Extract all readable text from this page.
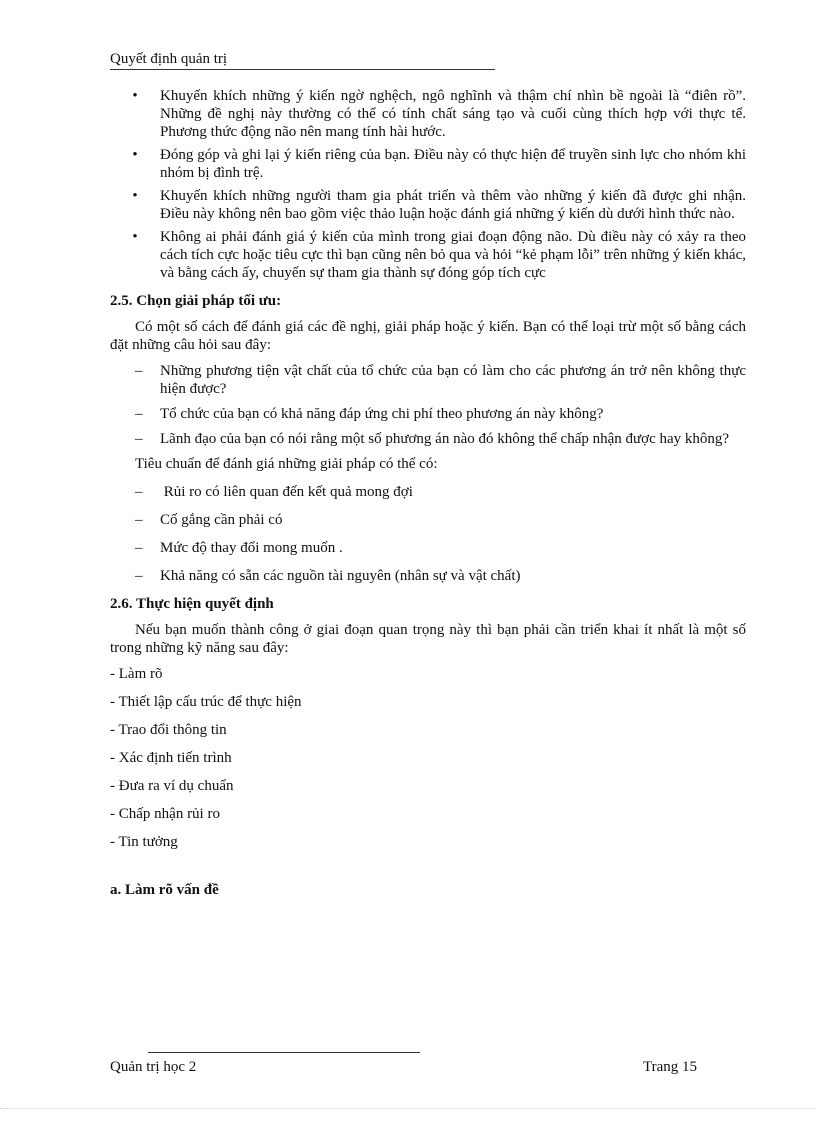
Quyết định quản trị
•	Khuyến khích những ý kiến ngờ nghệch, ngô nghĩnh và thậm chí nhìn bề ngoài là “điên rồ”. Những đề nghị này thường có thể có tính chất sáng tạo và cuối cùng thích hợp với thực tế. Phương thức động não nên mang tính hài hước.
•	Đóng góp và ghi lại ý kiến riêng của bạn. Điều này có thực hiện để truyền sinh lực cho nhóm khi nhóm bị đình trệ.
•	Khuyến khích những người tham gia phát triển và thêm vào những ý kiến đã được ghi nhận. Điều này không nên bao gồm việc thảo luận hoặc đánh giá những ý kiến dù dưới hình thức nào.
•	Không ai phải đánh giá ý kiến của mình trong giai đoạn động não. Dù điều này có xảy ra theo cách tích cực hoặc tiêu cực thì bạn cũng nên bỏ qua và hỏi “kẻ phạm lỗi” trên những ý kiến khác, và bằng cách ấy, chuyển sự tham gia thành sự đóng góp tích cực
2.5. Chọn giải pháp tối ưu:
Có một số cách để đánh giá các đề nghị, giải pháp hoặc ý kiến. Bạn có thể loại trừ một số bằng cách đặt những câu hỏi sau đây:
–	Những phương tiện vật chất của tổ chức của bạn có làm cho các phương án trở nên không thực hiện được?
–	Tổ chức của bạn có khả năng đáp ứng chi phí theo phương án này không?
–	Lãnh đạo của bạn có nói rằng một số phương án nào đó không thể chấp nhận được hay không?
Tiêu chuẩn để đánh giá những giải pháp có thể có:
–	Rủi ro có liên quan đến kết quả mong đợi
–	Cố gắng cần phải có
–	Mức độ thay đổi mong muốn .
–	Khả năng có sẵn các nguồn tài nguyên (nhân sự và vật chất)
2.6. Thực hiện quyết định
Nếu bạn muốn thành công ở giai đoạn quan trọng này thì bạn phải cần triển khai ít nhất là một số trong những kỹ năng sau đây:
- Làm rõ
- Thiết lập cấu trúc để thực hiện
- Trao đổi thông tin
- Xác định tiến trình
- Đưa ra ví dụ chuẩn
- Chấp nhận rủi ro
- Tin tưởng
a. Làm rõ vấn đề
Quản trị học 2	Trang 15
